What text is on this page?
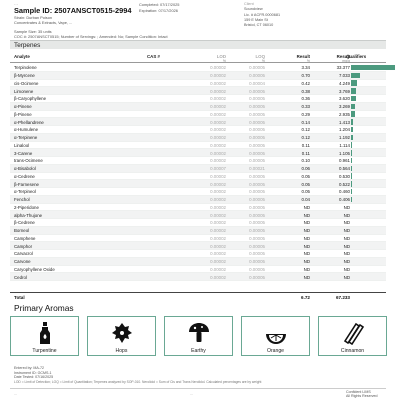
…
Sample ID: 2507ANSCT0515-2994
Strain: Durban Poison
Concentrates & Extracts, Vape, ...
Completed: 07/17/2025
Expiration: 07/17/2026
Client
Soundview
Lic. # ACFR.0000681
159 E Main St
Bristol, CT 06010
Sample Size: 35 units
COC #: 2507ANSCT0515; Number of Servings: ; Amended: No; Sample Condition: Intact
Terpenes
Analyte	CAS #	LOD	LOQ	Result	Result
Qualifiers
%	%	%	mg/g
Terpinolene	0.00002	0.00005	3.34	33.377
β-Myrcene	0.00002	0.00005	0.70	7.033
cis-Ocimene	0.00002	0.00004	0.42	4.249
Limonene	0.00002	0.00005	0.38	3.769
β-Caryophyllene	0.00002	0.00005	0.36	3.620
α-Pinene	0.00002	0.00005	0.33	3.269
β-Pinene	0.00002	0.00005	0.29	2.935
α-Phellandrene	0.00002	0.00005	0.14	1.413
α-Humulene	0.00002	0.00005	0.12	1.204
α-Terpinene	0.00002	0.00005	0.12	1.192
Linalool	0.00002	0.00005	0.11	1.114
3-Carene	0.00002	0.00005	0.11	1.105
trans-Ocimene	0.00002	0.00005	0.10	0.961
α-Bisabolol	0.00007	0.00021	0.06	0.564
α-Cedrene	0.00002	0.00005	0.05	0.530
β-Farnesene	0.00002	0.00005	0.05	0.522
α-Terpineol	0.00002	0.00005	0.05	0.460
Fenchol	0.00002	0.00005	0.04	0.406
2-Piperidone	0.00002	0.00005	ND	ND
alpha-Thujone	0.00002	0.00005	ND	ND
β-Cedrene	0.00002	0.00005	ND	ND
Borneol	0.00002	0.00005	ND	ND
Camphene	0.00002	0.00005	ND	ND
Camphor	0.00002	0.00005	ND	ND
Carvacrol	0.00002	0.00005	ND	ND
Carvone	0.00002	0.00005	ND	ND
Caryophyllene Oxide	0.00002	0.00005	ND	ND
Cedrol	0.00002	0.00005	ND	ND
Total	6.72	67.233
Primary Aromas
Turpentine	Hops	Earthy	Orange	Cinnamon
Entered by: MA-72
Instrument ID: GCMS-1
Date Tested: 07/16/2025
LOD = Limit of Detection; LOQ = Limit of Quantitation; Terpenes analyzed by SOP-010. Nerolidol = Sum of Cis and Trans Nerolidol. Calculated percentages are by weight
…	…	Confident LIMS
All Rights Reserved
